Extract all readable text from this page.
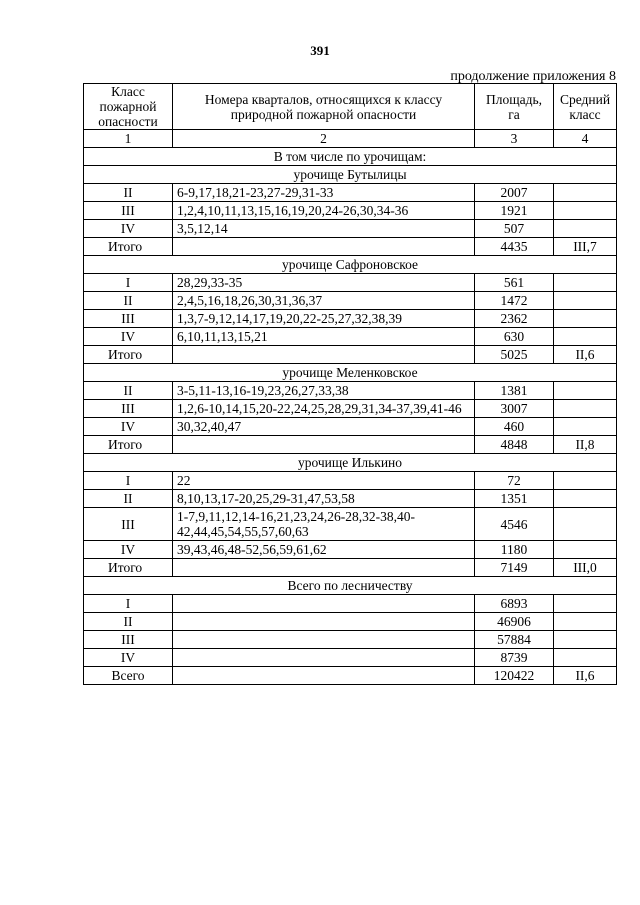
391
продолжение приложения 8
Класс пожарной опасности	Номера кварталов, относящихся к классу природной пожарной опасности	Площадь, га	Средний класс
1	2	3	4
В том числе по урочищам:			
урочище Бутылицы			
II	6-9,17,18,21-23,27-29,31-33	2007	
III	1,2,4,10,11,13,15,16,19,20,24-26,30,34-36	1921	
IV	3,5,12,14	507	
Итого		4435	III,7
урочище Сафроновское			
I	28,29,33-35	561	
II	2,4,5,16,18,26,30,31,36,37	1472	
III	1,3,7-9,12,14,17,19,20,22-25,27,32,38,39	2362	
IV	6,10,11,13,15,21	630	
Итого		5025	II,6
урочище Меленковское			
II	3-5,11-13,16-19,23,26,27,33,38	1381	
III	1,2,6-10,14,15,20-22,24,25,28,29,31,34-37,39,41-46	3007	
IV	30,32,40,47	460	
Итого		4848	II,8
урочище Илькино			
I	22	72	
II	8,10,13,17-20,25,29-31,47,53,58	1351	
III	1-7,9,11,12,14-16,21,23,24,26-28,32-38,40-42,44,45,54,55,57,60,63	4546	
IV	39,43,46,48-52,56,59,61,62	1180	
Итого		7149	III,0
Всего по лесничеству			
I		6893	
II		46906	
III		57884	
IV		8739	
Всего		120422	II,6
